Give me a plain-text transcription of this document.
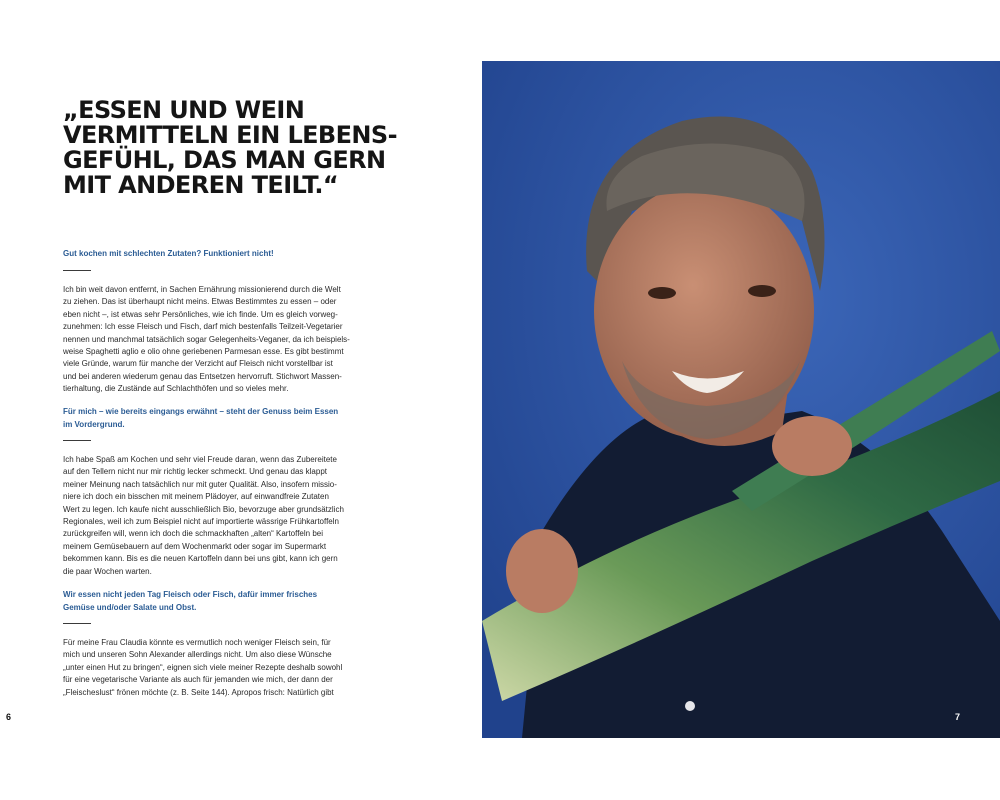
„ESSEN UND WEIN
VERMITTELN EIN LEBENS-
GEFÜHL, DAS MAN GERN
MIT ANDEREN TEILT.“

Gut kochen mit schlechten Zutaten? Funktioniert nicht!

Ich bin weit davon entfernt, in Sachen Ernährung missionierend durch die Welt
zu ziehen. Das ist überhaupt nicht meins. Etwas Bestimmtes zu essen – oder
eben nicht –, ist etwas sehr Persönliches, wie ich finde. Um es gleich vorweg-
zunehmen: Ich esse Fleisch und Fisch, darf mich bestenfalls Teilzeit-Vegetarier
nennen und manchmal tatsächlich sogar Gelegenheits-Veganer, da ich beispiels-
weise Spaghetti aglio e olio ohne geriebenen Parmesan esse. Es gibt bestimmt
viele Gründe, warum für manche der Verzicht auf Fleisch nicht vorstellbar ist
und bei anderen wiederum genau das Entsetzen hervorruft. Stichwort Massen-
tierhaltung, die Zustände auf Schlachthöfen und so vieles mehr.

Für mich – wie bereits eingangs erwähnt – steht der Genuss beim Essen
im Vordergrund.

Ich habe Spaß am Kochen und sehr viel Freude daran, wenn das Zubereitete
auf den Tellern nicht nur mir richtig lecker schmeckt. Und genau das klappt
meiner Meinung nach tatsächlich nur mit guter Qualität. Also, insofern missio-
niere ich doch ein bisschen mit meinem Plädoyer, auf einwandfreie Zutaten
Wert zu legen. Ich kaufe nicht ausschließlich Bio, bevorzuge aber grundsätzlich
Regionales, weil ich zum Beispiel nicht auf importierte wässrige Frühkartoffeln
zurückgreifen will, wenn ich doch die schmackhaften „alten“ Kartoffeln bei
meinem Gemüsebauern auf dem Wochenmarkt oder sogar im Supermarkt
bekommen kann. Bis es die neuen Kartoffeln dann bei uns gibt, kann ich gern
die paar Wochen warten.

Wir essen nicht jeden Tag Fleisch oder Fisch, dafür immer frisches
Gemüse und/oder Salate und Obst.

Für meine Frau Claudia könnte es vermutlich noch weniger Fleisch sein, für
mich und unseren Sohn Alexander allerdings nicht. Um also diese Wünsche
„unter einen Hut zu bringen“, eignen sich viele meiner Rezepte deshalb sowohl
für eine vegetarische Variante als auch für jemanden wie mich, der dann der
„Fleischeslust“ frönen möchte (z. B. Seite 144). Apropos frisch: Natürlich gibt

6	7
